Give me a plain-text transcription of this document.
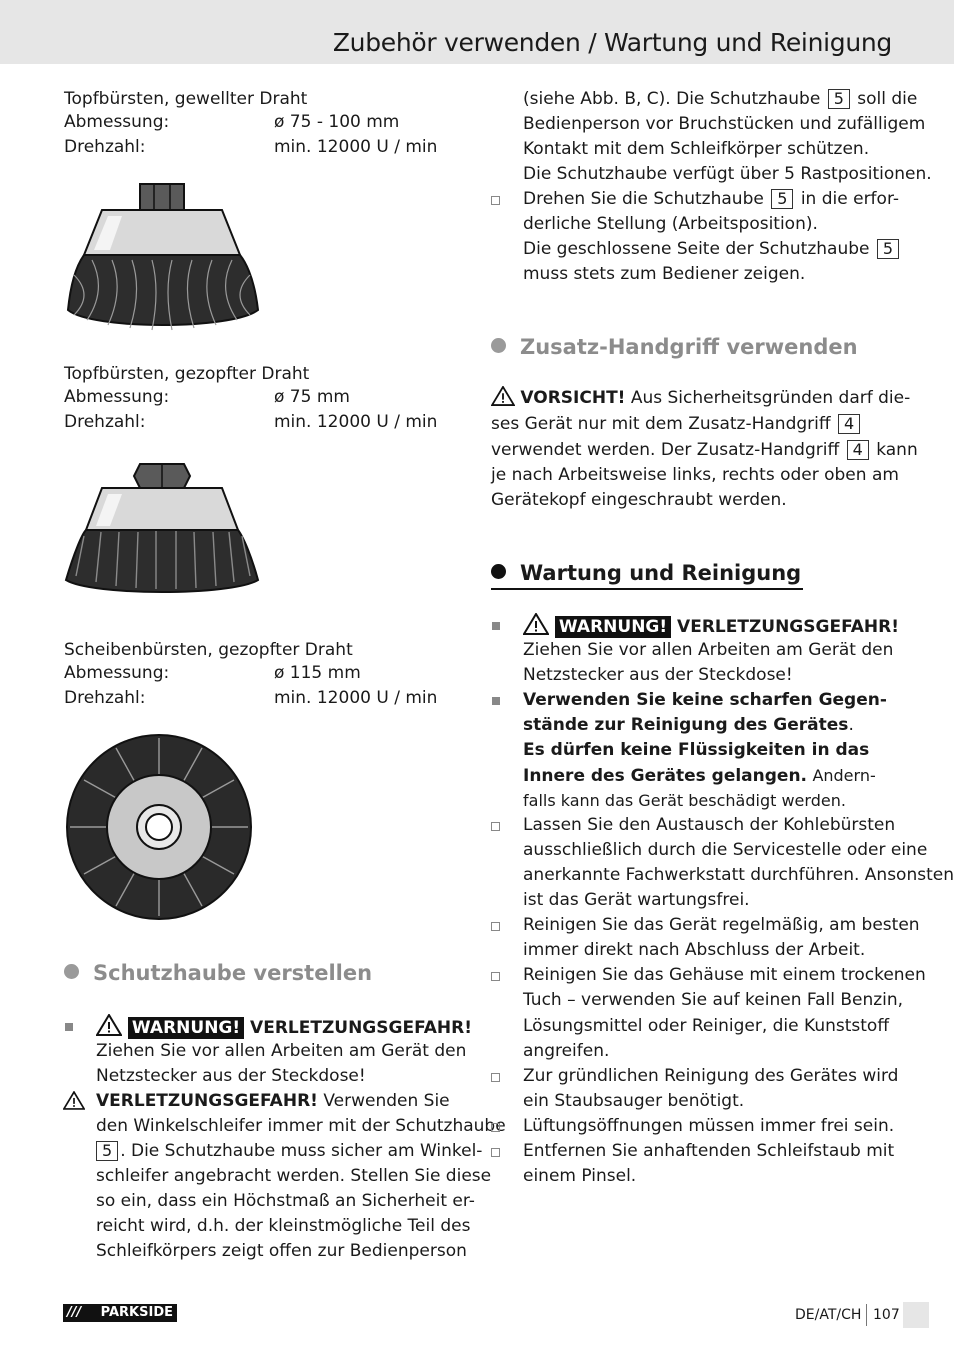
Zubehör verwenden / Wartung und Reinigung
Topfbürsten, gewellter Draht
Abmessung:	ø 75 - 100 mm
Drehzahl:	min. 12000 U / min
Topfbürsten, gezopfter Draht
Abmessung:	ø 75 mm
Drehzahl:	min. 12000 U / min
Scheibenbürsten, gezopfter Draht
Abmessung:	ø 115 mm
Drehzahl:	min. 12000 U / min
Schutzhaube verstellen
WARNUNG! VERLETZUNGSGEFAHR!
Ziehen Sie vor allen Arbeiten am Gerät den
Netzstecker aus der Steckdose!
VERLETZUNGSGEFAHR! Verwenden Sie
den Winkelschleifer immer mit der Schutzhaube
5 . Die Schutzhaube muss sicher am Winkel-
schleifer angebracht werden. Stellen Sie diese
so ein, dass ein Höchstmaß an Sicherheit er-
reicht wird, d.h. der kleinstmögliche Teil des
Schleifkörpers zeigt offen zur Bedienperson
(siehe Abb. B, C). Die Schutzhaube 5 soll die
Bedienperson vor Bruchstücken und zufälligem
Kontakt mit dem Schleifkörper schützen.
Die Schutzhaube verfügt über 5 Rastpositionen.
Drehen Sie die Schutzhaube 5 in die erfor-
derliche Stellung (Arbeitsposition).
Die geschlossene Seite der Schutzhaube 5
muss stets zum Bediener zeigen.
Zusatz-Handgriff verwenden
VORSICHT! Aus Sicherheitsgründen darf die-
ses Gerät nur mit dem Zusatz-Handgriff 4
verwendet werden. Der Zusatz-Handgriff 4 kann
je nach Arbeitsweise links, rechts oder oben am
Gerätekopf eingeschraubt werden.
Wartung und Reinigung
WARNUNG! VERLETZUNGSGEFAHR!
Ziehen Sie vor allen Arbeiten am Gerät den
Netzstecker aus der Steckdose!
Verwenden Sie keine scharfen Gegen-
stände zur Reinigung des Gerätes.
Es dürfen keine Flüssigkeiten in das
Innere des Gerätes gelangen. Andern-
falls kann das Gerät beschädigt werden.
Lassen Sie den Austausch der Kohlebürsten
ausschließlich durch die Servicestelle oder eine
anerkannte Fachwerkstatt durchführen. Ansonsten
ist das Gerät wartungsfrei.
Reinigen Sie das Gerät regelmäßig, am besten
immer direkt nach Abschluss der Arbeit.
Reinigen Sie das Gehäuse mit einem trockenen
Tuch – verwenden Sie auf keinen Fall Benzin,
Lösungsmittel oder Reiniger, die Kunststoff
angreifen.
Zur gründlichen Reinigung des Gerätes wird
ein Staubsauger benötigt.
Lüftungsöffnungen müssen immer frei sein.
Entfernen Sie anhaftenden Schleifstaub mit
einem Pinsel.
/// PARKSIDE	DE/AT/CH 107
